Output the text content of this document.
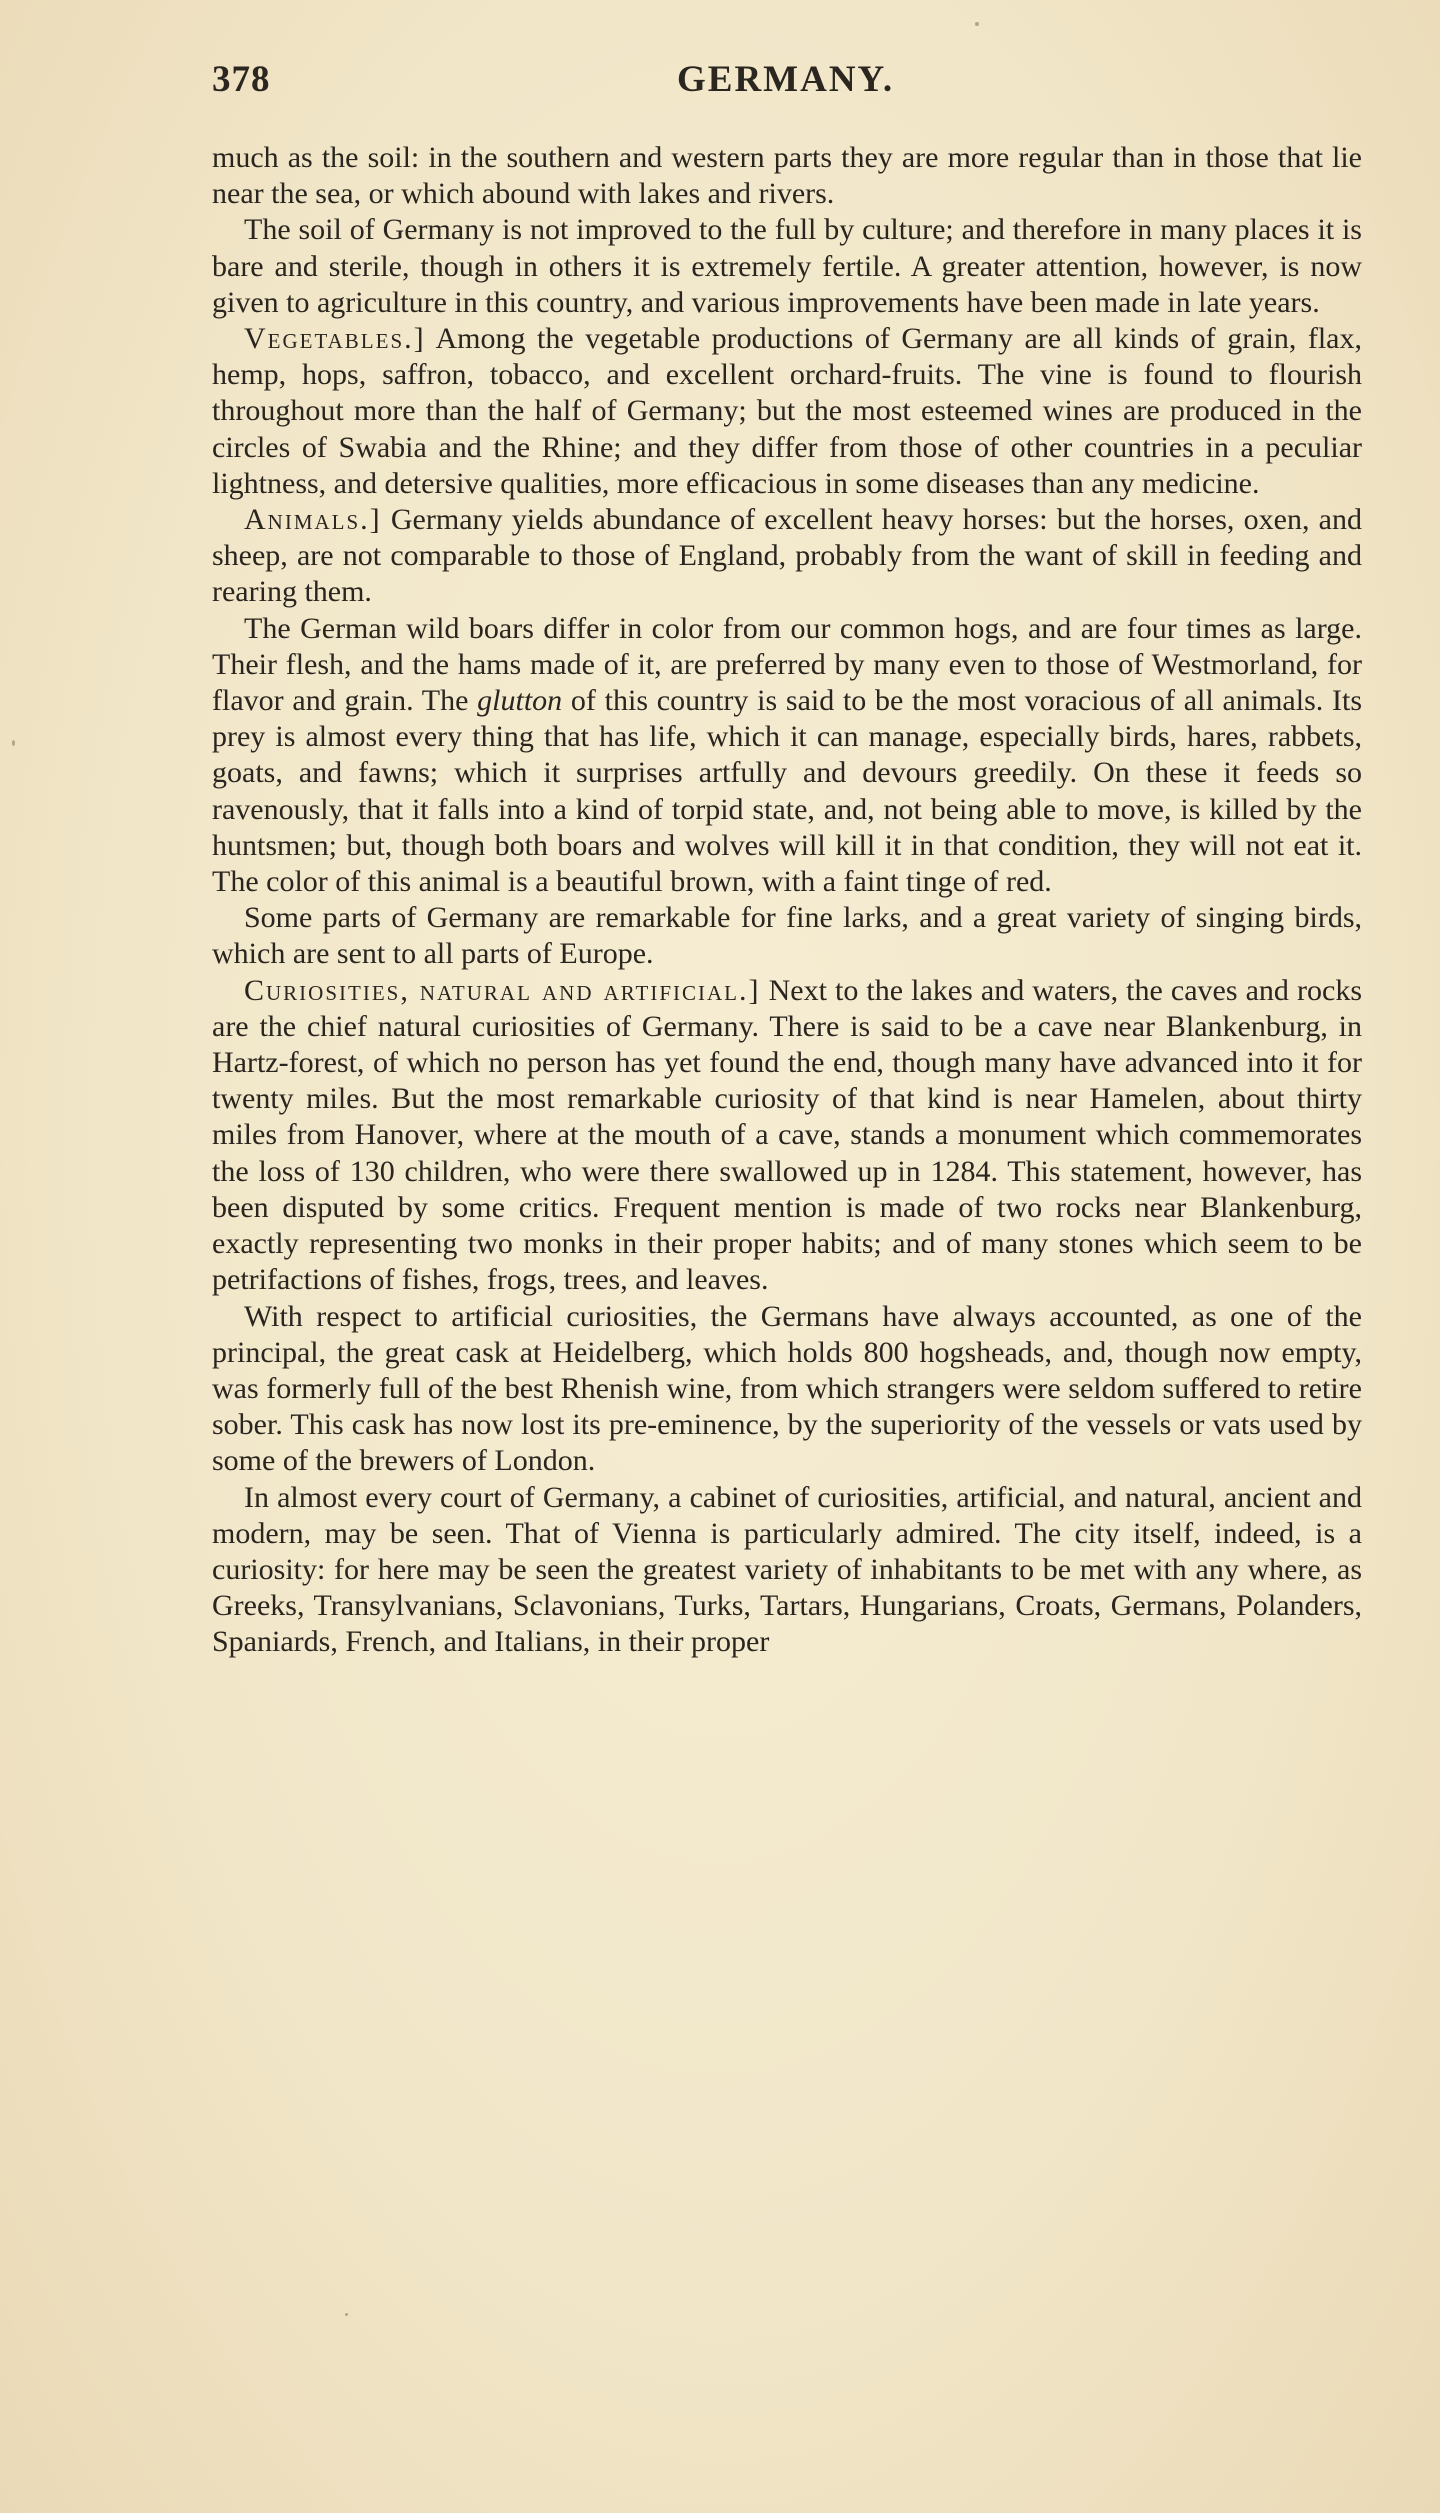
378	GERMANY.

much as the soil: in the southern and western parts they are more regular than in those that lie near the sea, or which abound with lakes and rivers.

The soil of Germany is not improved to the full by culture; and therefore in many places it is bare and sterile, though in others it is extremely fertile. A greater attention, however, is now given to agriculture in this country, and various improvements have been made in late years.

Vegetables.] Among the vegetable productions of Germany are all kinds of grain, flax, hemp, hops, saffron, tobacco, and excellent orchard-fruits. The vine is found to flourish throughout more than the half of Germany; but the most esteemed wines are produced in the circles of Swabia and the Rhine; and they differ from those of other countries in a peculiar lightness, and detersive qualities, more efficacious in some diseases than any medicine.

Animals.] Germany yields abundance of excellent heavy horses: but the horses, oxen, and sheep, are not comparable to those of England, probably from the want of skill in feeding and rearing them.

The German wild boars differ in color from our common hogs, and are four times as large. Their flesh, and the hams made of it, are preferred by many even to those of Westmorland, for flavor and grain. The glutton of this country is said to be the most voracious of all animals. Its prey is almost every thing that has life, which it can manage, especially birds, hares, rabbets, goats, and fawns; which it surprises artfully and devours greedily. On these it feeds so ravenously, that it falls into a kind of torpid state, and, not being able to move, is killed by the huntsmen; but, though both boars and wolves will kill it in that condition, they will not eat it. The color of this animal is a beautiful brown, with a faint tinge of red.

Some parts of Germany are remarkable for fine larks, and a great variety of singing birds, which are sent to all parts of Europe.

Curiosities, natural and artificial.] Next to the lakes and waters, the caves and rocks are the chief natural curiosities of Germany. There is said to be a cave near Blankenburg, in Hartz-forest, of which no person has yet found the end, though many have advanced into it for twenty miles. But the most remarkable curiosity of that kind is near Hamelen, about thirty miles from Hanover, where at the mouth of a cave, stands a monument which commemorates the loss of 130 children, who were there swallowed up in 1284. This statement, however, has been disputed by some critics. Frequent mention is made of two rocks near Blankenburg, exactly representing two monks in their proper habits; and of many stones which seem to be petrifactions of fishes, frogs, trees, and leaves.

With respect to artificial curiosities, the Germans have always accounted, as one of the principal, the great cask at Heidelberg, which holds 800 hogsheads, and, though now empty, was formerly full of the best Rhenish wine, from which strangers were seldom suffered to retire sober. This cask has now lost its pre-eminence, by the superiority of the vessels or vats used by some of the brewers of London.

In almost every court of Germany, a cabinet of curiosities, artificial, and natural, ancient and modern, may be seen. That of Vienna is particularly admired. The city itself, indeed, is a curiosity: for here may be seen the greatest variety of inhabitants to be met with any where, as Greeks, Transylvanians, Sclavonians, Turks, Tartars, Hungarians, Croats, Germans, Polanders, Spaniards, French, and Italians, in their proper
